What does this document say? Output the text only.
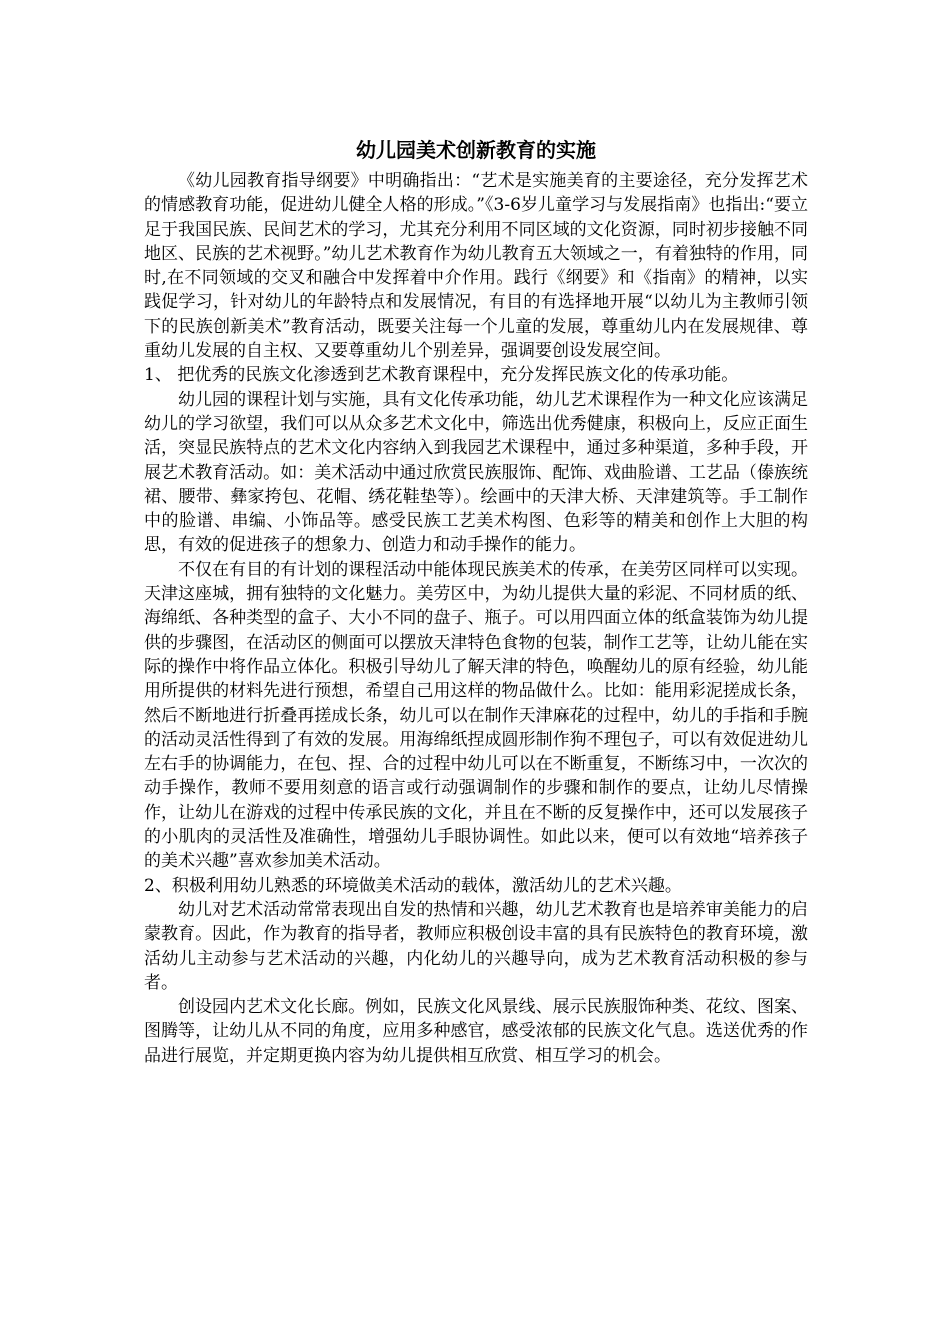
幼儿园美术创新教育的实施

《幼儿园教育指导纲要》中明确指出：“艺术是实施美育的主要途径，充分发挥艺术的情感教育功能，促进幼儿健全人格的形成。”《3-6岁儿童学习与发展指南》也指出:“要立足于我国民族、民间艺术的学习，尤其充分利用不同区域的文化资源，同时初步接触不同地区、民族的艺术视野。”幼儿艺术教育作为幼儿教育五大领域之一，有着独特的作用，同时,在不同领域的交叉和融合中发挥着中介作用。践行《纲要》和《指南》的精神，以实践促学习，针对幼儿的年龄特点和发展情况，有目的有选择地开展“以幼儿为主教师引领下的民族创新美术”教育活动，既要关注每一个儿童的发展，尊重幼儿内在发展规律、尊重幼儿发展的自主权、又要尊重幼儿个别差异，强调要创设发展空间。

1、 把优秀的民族文化渗透到艺术教育课程中，充分发挥民族文化的传承功能。

幼儿园的课程计划与实施，具有文化传承功能，幼儿艺术课程作为一种文化应该满足幼儿的学习欲望，我们可以从众多艺术文化中，筛选出优秀健康，积极向上，反应正面生活，突显民族特点的艺术文化内容纳入到我园艺术课程中，通过多种渠道，多种手段，开展艺术教育活动。如：美术活动中通过欣赏民族服饰、配饰、戏曲脸谱、工艺品（傣族统裙、腰带、彝家挎包、花帽、绣花鞋垫等）。绘画中的天津大桥、天津建筑等。手工制作中的脸谱、串编、小饰品等。感受民族工艺美术构图、色彩等的精美和创作上大胆的构思，有效的促进孩子的想象力、创造力和动手操作的能力。

不仅在有目的有计划的课程活动中能体现民族美术的传承，在美劳区同样可以实现。天津这座城，拥有独特的文化魅力。美劳区中，为幼儿提供大量的彩泥、不同材质的纸、海绵纸、各种类型的盒子、大小不同的盘子、瓶子。可以用四面立体的纸盒装饰为幼儿提供的步骤图，在活动区的侧面可以摆放天津特色食物的包装，制作工艺等，让幼儿能在实际的操作中将作品立体化。积极引导幼儿了解天津的特色，唤醒幼儿的原有经验，幼儿能用所提供的材料先进行预想，希望自己用这样的物品做什么。比如：能用彩泥搓成长条，然后不断地进行折叠再搓成长条，幼儿可以在制作天津麻花的过程中，幼儿的手指和手腕的活动灵活性得到了有效的发展。用海绵纸捏成圆形制作狗不理包子，可以有效促进幼儿左右手的协调能力，在包、捏、合的过程中幼儿可以在不断重复，不断练习中，一次次的动手操作，教师不要用刻意的语言或行动强调制作的步骤和制作的要点，让幼儿尽情操作，让幼儿在游戏的过程中传承民族的文化，并且在不断的反复操作中，还可以发展孩子的小肌肉的灵活性及准确性，增强幼儿手眼协调性。如此以来，便可以有效地“培养孩子的美术兴趣”喜欢参加美术活动。

2、积极利用幼儿熟悉的环境做美术活动的载体，激活幼儿的艺术兴趣。

幼儿对艺术活动常常表现出自发的热情和兴趣，幼儿艺术教育也是培养审美能力的启蒙教育。因此，作为教育的指导者，教师应积极创设丰富的具有民族特色的教育环境，激活幼儿主动参与艺术活动的兴趣，内化幼儿的兴趣导向，成为艺术教育活动积极的参与者。

创设园内艺术文化长廊。例如，民族文化风景线、展示民族服饰种类、花纹、图案、图腾等，让幼儿从不同的角度，应用多种感官，感受浓郁的民族文化气息。选送优秀的作品进行展览，并定期更换内容为幼儿提供相互欣赏、相互学习的机会。
